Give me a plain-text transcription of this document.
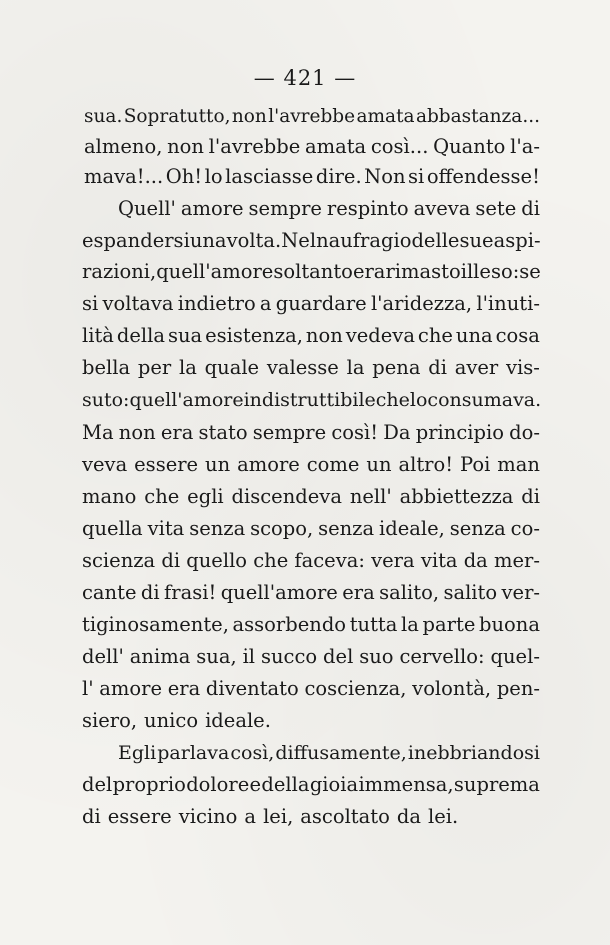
— 421 —
sua. Sopratutto, non l'avrebbe amata abbastanza...
almeno, non l'avrebbe amata così... Quanto l'a-
mava!... Oh! lo lasciasse dire. Non si offendesse!
Quell' amore sempre respinto aveva sete di
espandersi una volta. Nel naufragio delle sue aspi-
razioni, quell'amore soltanto era rimasto illeso: se
si voltava indietro a guardare l'aridezza, l'inuti-
lità della sua esistenza, non vedeva che una cosa
bella per la quale valesse la pena di aver vis-
suto: quell'amore indistruttibile che lo consumava.
Ma non era stato sempre così! Da principio do-
veva essere un amore come un altro! Poi man
mano che egli discendeva nell' abbiettezza di
quella vita senza scopo, senza ideale, senza co-
scienza di quello che faceva: vera vita da mer-
cante di frasi! quell'amore era salito, salito ver-
tiginosamente, assorbendo tutta la parte buona
dell' anima sua, il succo del suo cervello: quel-
l' amore era diventato coscienza, volontà, pen-
siero, unico ideale.
Egli parlava così, diffusamente, inebbriandosi
del proprio dolore e della gioia immensa, suprema
di essere vicino a lei, ascoltato da lei.
